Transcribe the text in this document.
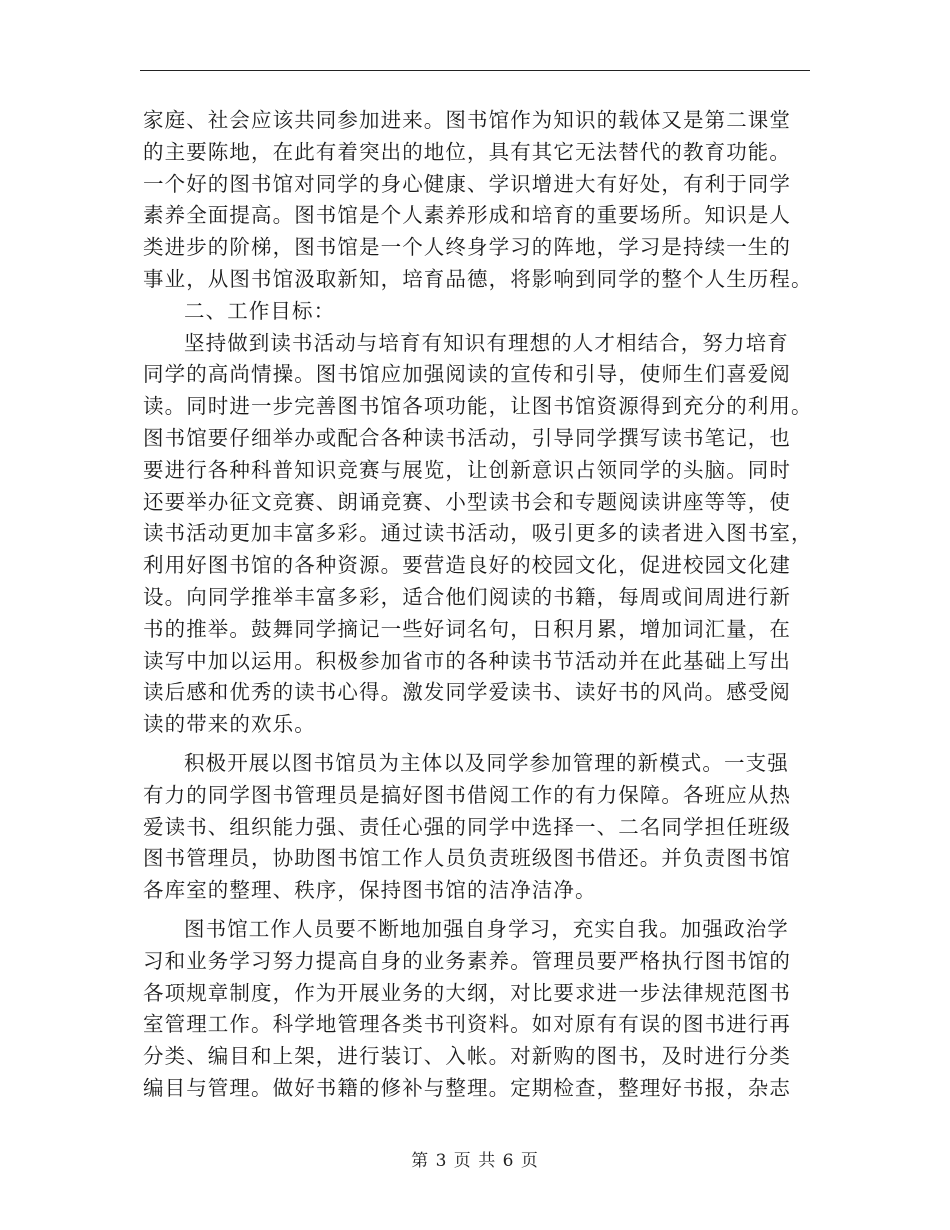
家庭、社会应该共同参加进来。图书馆作为知识的载体又是第二课堂
的主要陈地，在此有着突出的地位，具有其它无法替代的教育功能。
一个好的图书馆对同学的身心健康、学识增进大有好处，有利于同学
素养全面提高。图书馆是个人素养形成和培育的重要场所。知识是人
类进步的阶梯，图书馆是一个人终身学习的阵地，学习是持续一生的
事业，从图书馆汲取新知，培育品德，将影响到同学的整个人生历程。
二、工作目标：
坚持做到读书活动与培育有知识有理想的人才相结合，努力培育
同学的高尚情操。图书馆应加强阅读的宣传和引导，使师生们喜爱阅
读。同时进一步完善图书馆各项功能，让图书馆资源得到充分的利用。
图书馆要仔细举办或配合各种读书活动，引导同学撰写读书笔记，也
要进行各种科普知识竞赛与展览，让创新意识占领同学的头脑。同时
还要举办征文竞赛、朗诵竞赛、小型读书会和专题阅读讲座等等，使
读书活动更加丰富多彩。通过读书活动，吸引更多的读者进入图书室，
利用好图书馆的各种资源。要营造良好的校园文化，促进校园文化建
设。向同学推举丰富多彩，适合他们阅读的书籍，每周或间周进行新
书的推举。鼓舞同学摘记一些好词名句，日积月累，增加词汇量，在
读写中加以运用。积极参加省市的各种读书节活动并在此基础上写出
读后感和优秀的读书心得。激发同学爱读书、读好书的风尚。感受阅
读的带来的欢乐。
积极开展以图书馆员为主体以及同学参加管理的新模式。一支强
有力的同学图书管理员是搞好图书借阅工作的有力保障。各班应从热
爱读书、组织能力强、责任心强的同学中选择一、二名同学担任班级
图书管理员，协助图书馆工作人员负责班级图书借还。并负责图书馆
各库室的整理、秩序，保持图书馆的洁净洁净。
图书馆工作人员要不断地加强自身学习，充实自我。加强政治学
习和业务学习努力提高自身的业务素养。管理员要严格执行图书馆的
各项规章制度，作为开展业务的大纲，对比要求进一步法律规范图书
室管理工作。科学地管理各类书刊资料。如对原有有误的图书进行再
分类、编目和上架，进行装订、入帐。对新购的图书，及时进行分类
编目与管理。做好书籍的修补与整理。定期检查，整理好书报，杂志
第 3 页 共 6 页
